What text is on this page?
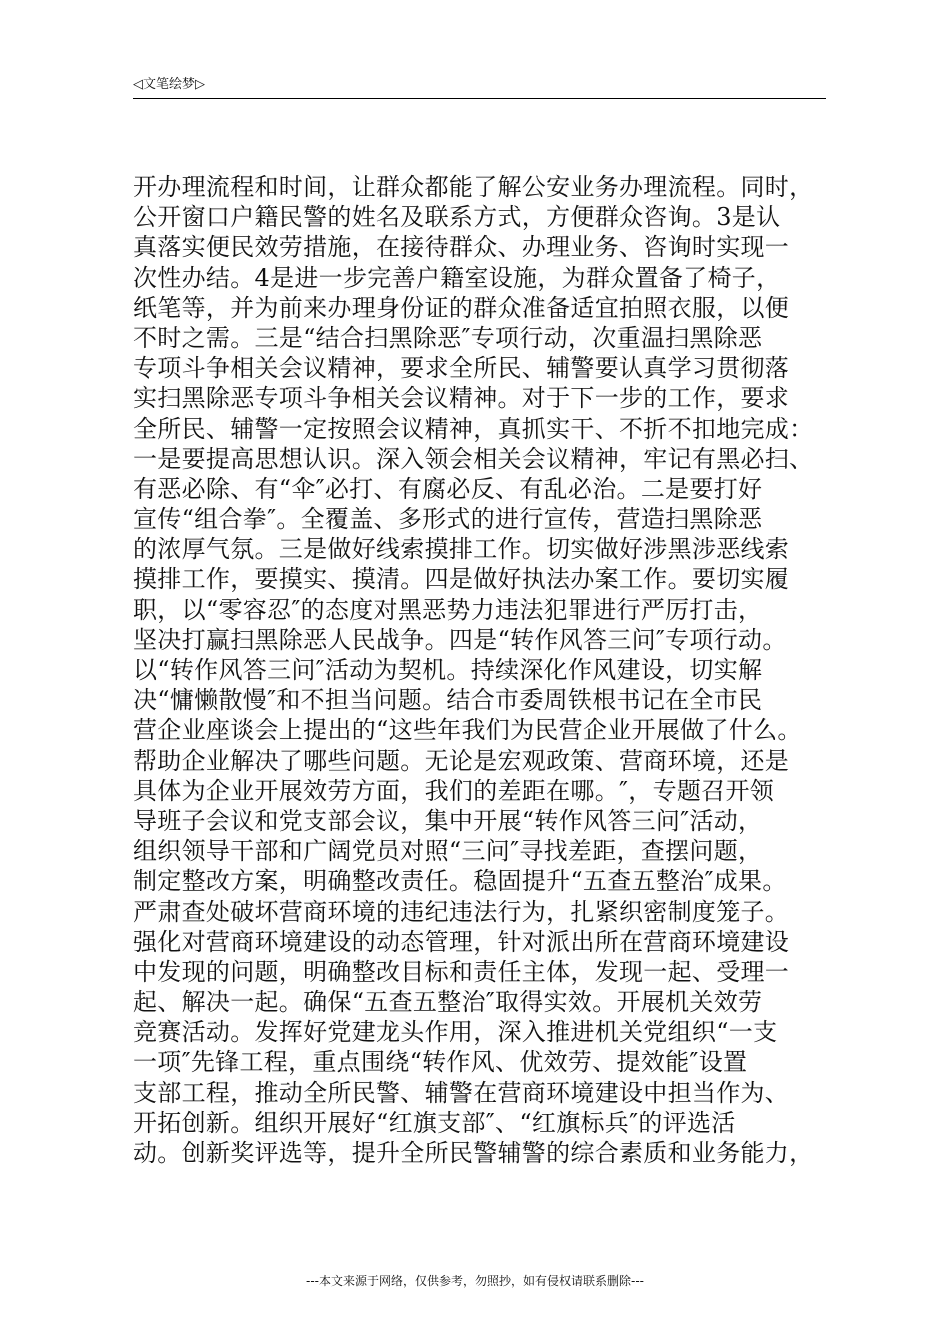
◁ 文笔绘梦 ▷
开办理流程和时间，让群众都能了解公安业务办理流程。同时，
公开窗口户籍民警的姓名及联系方式，方便群众咨询。3是认
真落实便民效劳措施，在接待群众、办理业务、咨询时实现一
次性办结。4是进一步完善户籍室设施，为群众置备了椅子，
纸笔等，并为前来办理身份证的群众准备适宜拍照衣服，以便
不时之需。三是“结合扫黑除恶″专项行动，次重温扫黑除恶
专项斗争相关会议精神，要求全所民、辅警要认真学习贯彻落
实扫黑除恶专项斗争相关会议精神。对于下一步的工作，要求
全所民、辅警一定按照会议精神，真抓实干、不折不扣地完成：
一是要提高思想认识。深入领会相关会议精神，牢记有黑必扫、
有恶必除、有“伞″必打、有腐必反、有乱必治。二是要打好
宣传“组合拳″。全覆盖、多形式的进行宣传，营造扫黑除恶
的浓厚气氛。三是做好线索摸排工作。切实做好涉黑涉恶线索
摸排工作，要摸实、摸清。四是做好执法办案工作。要切实履
职，以“零容忍″的态度对黑恶势力违法犯罪进行严厉打击，
坚决打赢扫黑除恶人民战争。四是“转作风答三问″专项行动。
以“转作风答三问″活动为契机。持续深化作风建设，切实解
决“慵懒散慢″和不担当问题。结合市委周铁根书记在全市民
营企业座谈会上提出的“这些年我们为民营企业开展做了什么。
帮助企业解决了哪些问题。无论是宏观政策、营商环境，还是
具体为企业开展效劳方面，我们的差距在哪。″，专题召开领
导班子会议和党支部会议，集中开展“转作风答三问″活动，
组织领导干部和广阔党员对照“三问″寻找差距，查摆问题，
制定整改方案，明确整改责任。稳固提升“五查五整治″成果。
严肃查处破坏营商环境的违纪违法行为，扎紧织密制度笼子。
强化对营商环境建设的动态管理，针对派出所在营商环境建设
中发现的问题，明确整改目标和责任主体，发现一起、受理一
起、解决一起。确保“五查五整治″取得实效。开展机关效劳
竞赛活动。发挥好党建龙头作用，深入推进机关党组织“一支
一项″先锋工程，重点围绕“转作风、优效劳、提效能″设置
支部工程，推动全所民警、辅警在营商环境建设中担当作为、
开拓创新。组织开展好“红旗支部″、“红旗标兵″的评选活
动。创新奖评选等，提升全所民警辅警的综合素质和业务能力，
---本文来源于网络，仅供参考，勿照抄，如有侵权请联系删除---
